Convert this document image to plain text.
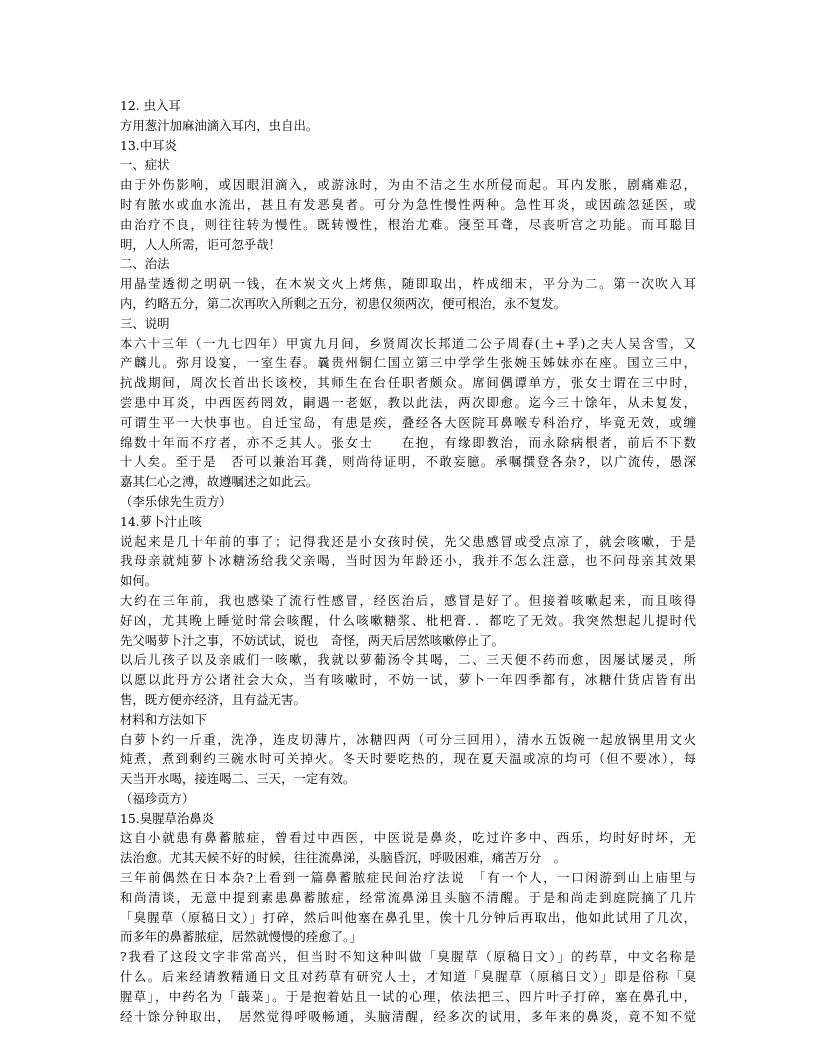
12. 虫入耳
方用葱汁加麻油滴入耳内，虫自出。
13.中耳炎
一、症状
由于外伤影响，或因眼泪滴入，或游泳时，为由不洁之生水所侵而起。耳内发胀，剧痛难忍，
时有脓水或血水流出，甚且有发恶臭者。可分为急性慢性两种。急性耳炎，或因疏忽延医，或
由治疗不良，则往往转为慢性。既转慢性，根治尤难。寖至耳聋，尽丧听宫之功能。而耳聪目
明，人人所需，讵可忽乎哉！
二、治法
用晶莹透彻之明矾一钱，在木炭文火上烤焦，随即取出，杵成细末，平分为二。第一次吹入耳
内，约略五分，第二次再吹入所剩之五分，初患仅须两次，便可根治，永不复发。
三、说明
本六十三年（一九七四年）甲寅九月间，乡贤周次长邦道二公子周春(土+孚)之夫人吴含雪，又
产麟儿。弥月设宴，一室生春。曩贵州铜仁国立第三中学学生张婉玉姊妹亦在座。国立三中，
抗战期间，周次长首出长该校，其师生在台任职者颇众。席间偶谭单方，张女士谓在三中时，
尝患中耳炎，中西医药罔效，嗣遇一老妪，教以此法，两次即愈。迄今三十馀年，从未复发，
可谓生平一大快事也。自迁宝岛，有患是疾，叠经各大医院耳鼻喉专科治疗，毕竟无效，或缠
绵数十年而不疗者，亦不乏其人。张女士　　在抱，有缘即教治，而永除病根者，前后不下数
十人矣。至于是　否可以兼治耳龚，则尚待证明，不敢妄臆。承嘱撰登各杂?，以广流传，愚深
嘉其仁心之溥，故遵嘱述之如此云。
（李乐俅先生贡方）
14.萝卜汁止咳
说起来是几十年前的事了；记得我还是小女孩时侯，先父患感冒或受点凉了，就会咳嗽，于是
我母亲就炖萝卜冰糖汤给我父亲喝，当时因为年龄还小，我并不怎么注意，也不问母亲其效果
如何。
大约在三年前，我也感染了流行性感冒，经医治后，感冒是好了。但接着咳嗽起来，而且咳得
好凶，尤其晚上睡觉时常会咳醒，什么咳嗽糖浆、枇杷膏．．都吃了无效。我突然想起儿提时代
先父喝萝卜汁之事，不妨试试，说也　奇怪，两天后居然咳嗽停止了。
以后儿孩子以及亲戚们一咳嗽，我就以萝葡汤令其喝，二、三天便不药而愈，因屡试屡灵，所
以愿以此丹方公诸社会大众，当有咳嗽时，不妨一试，萝卜一年四季都有，冰糖什货店皆有出
售，既方便亦经济，且有益无害。
材料和方法如下
白萝卜约一斤重，洗净，连皮切薄片，冰糖四两（可分三回用），清水五饭碗一起放锅里用文火
炖煮，煮到剩约三碗水时可关掉火。冬天时要吃热的，现在夏天温或凉的均可（但不要冰），每
天当开水喝，接连喝二、三天，一定有效。
（福珍贡方）
15.臭腥草治鼻炎
这自小就患有鼻蓄脓症，曾看过中西医，中医说是鼻炎，吃过许多中、西乐，均时好时坏，无
法治愈。尤其天候不好的时候，往往流鼻涕，头脑昏沉，呼吸困难，痛苦万分　。
三年前偶然在日本杂?上看到一篇鼻蓄脓症民间治疗法说　「有一个人，一口闲游到山上庙里与
和尚清谈，无意中提到素患鼻蓄脓症，经常流鼻涕且头脑不清醒。于是和尚走到庭院摘了几片
「臭腥草（原稿日文）」打碎，然后叫他塞在鼻孔里，俟十几分钟后再取出，他如此试用了几次，
而多年的鼻蓄脓症，居然就慢慢的痊愈了。」
?我看了这段文字非常高兴，但当时不知这种叫做「臭腥草（原稿日文）」的药草，中文名称是
什么。后来经请教精通日文且对药草有研究人士，才知道「臭腥草（原稿日文）」即是俗称「臭
腥草」，中药名为「蕺菜」。于是抱着姑且一试的心理，依法把三、四片叶子打碎，塞在鼻孔中，
经十馀分钟取出，　居然觉得呼吸畅通，头脑清醒，经多次的试用，多年来的鼻炎，竟不知不觉
